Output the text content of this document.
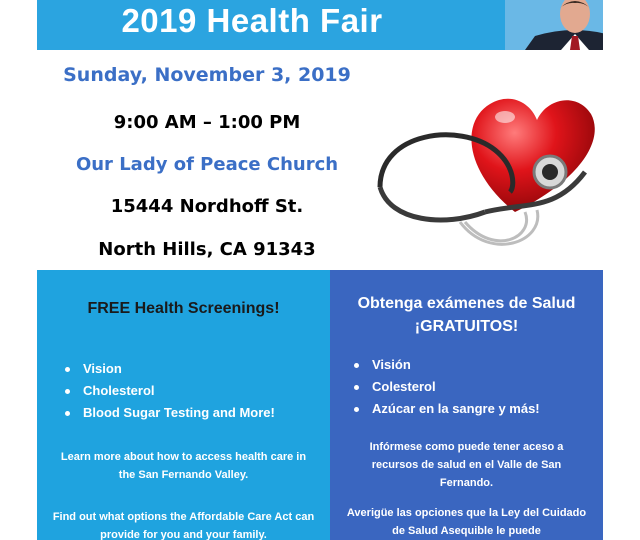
2019 Health Fair
Sunday, November 3, 2019
9:00 AM – 1:00 PM
Our Lady of Peace Church
15444 Nordhoff St.
North Hills, CA 91343
FREE Health Screenings!
Vision
Cholesterol
Blood Sugar Testing and More!
Learn more about how to access health care in the San Fernando Valley.
Find out what options the Affordable Care Act can provide for you and your family.
Obtenga exámenes de Salud
¡GRATUITOS!
Visión
Colesterol
Azúcar en la sangre y más!
Infórmese como puede tener aceso a recursos de salud en el Valle de San Fernando.
Averigüe las opciones que la Ley del Cuidado de Salud Asequible le puede
